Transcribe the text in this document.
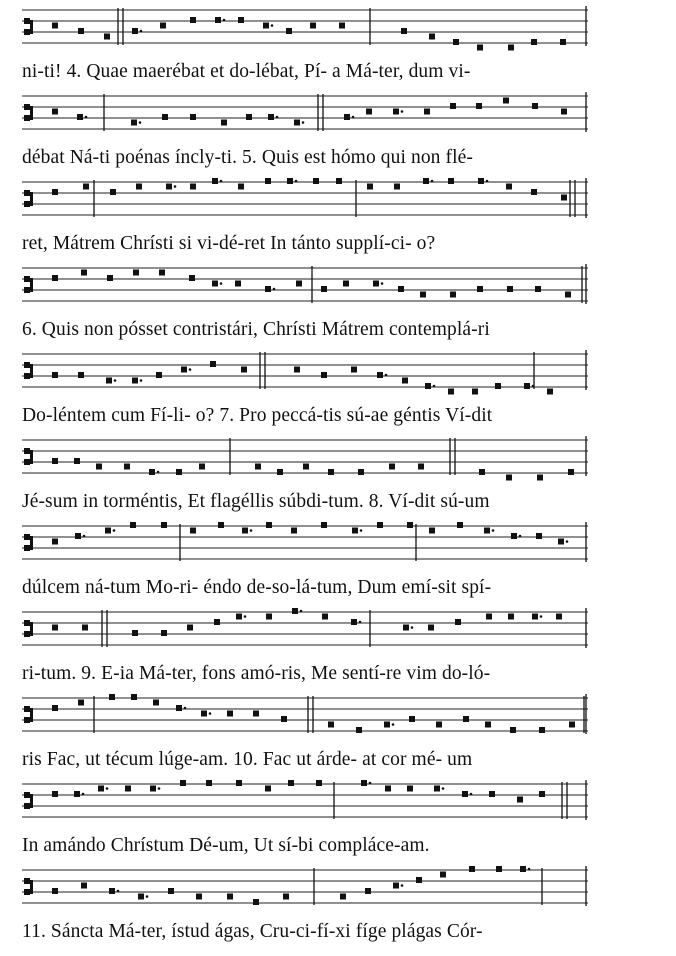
ni-ti! 4. Quae maerébat et do-lébat, Pí- a Má-ter, dum vi-
débat Ná-ti poénas íncly-ti. 5. Quis est hómo qui non flé-
ret, Mátrem Chrísti si vi-dé-ret In tánto supplí-ci- o?
6. Quis non pósset contristári, Chrísti Mátrem contemplá-ri
Do-léntem cum Fí-li- o? 7. Pro peccá-tis sú-ae géntis Ví-dit
Jé-sum in torméntis, Et flagéllis súbdi-tum. 8. Ví-dit sú-um
dúlcem ná-tum Mo-ri- éndo de-so-lá-tum, Dum emí-sit spí-
ri-tum. 9. E-ia Má-ter, fons amó-ris, Me sentí-re vim do-ló-
ris Fac, ut técum lúge-am. 10. Fac ut árde- at cor mé- um
In amándo Chrístum Dé-um, Ut sí-bi compláce-am.
11. Sáncta Má-ter, ístud ágas, Cru-ci-fí-xi fíge plágas Cór-
